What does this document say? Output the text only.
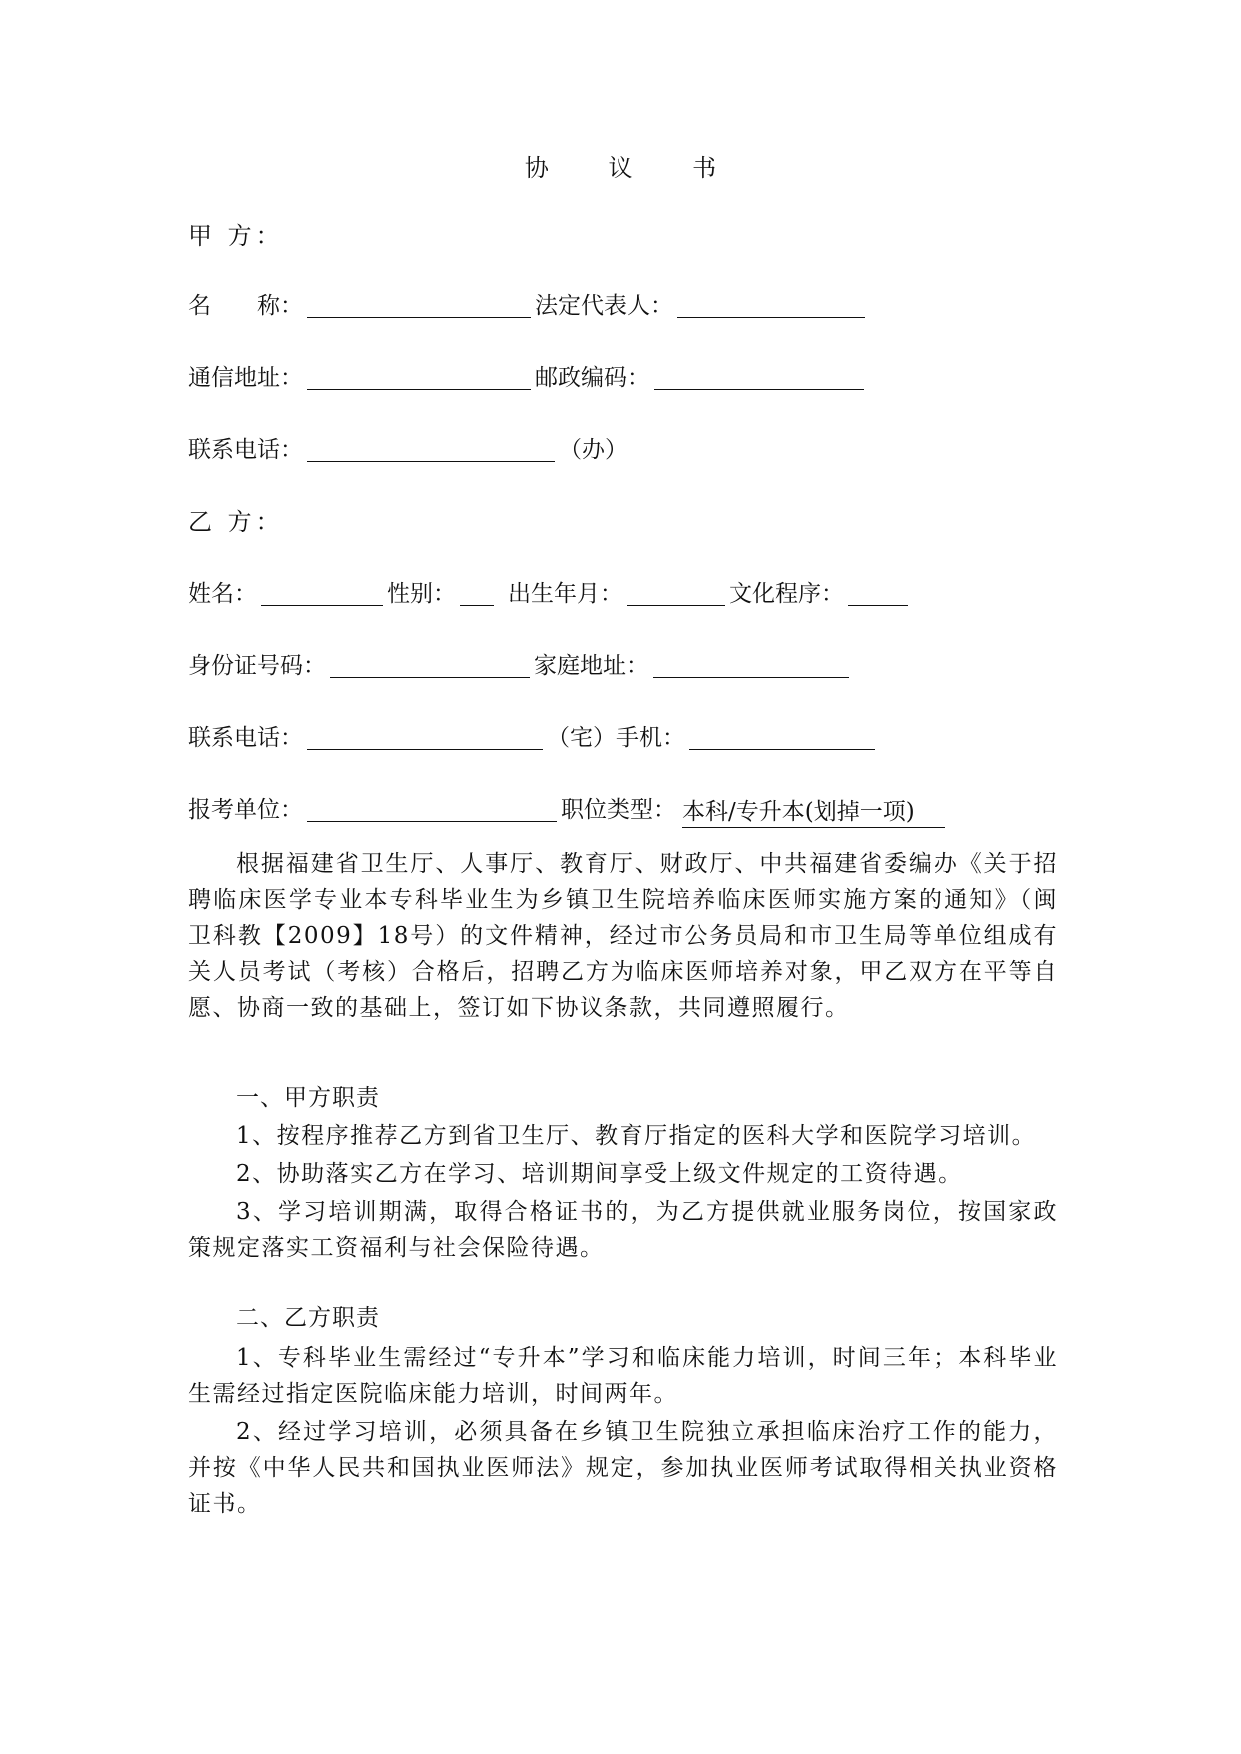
协 议 书
甲 方：
名　　称：	法定代表人：
通信地址：	邮政编码：
联系电话：	（办）
乙 方：
姓名：	性别： 出生年月：	文化程序：
身份证号码：	家庭地址：
联系电话：	（宅） 手机：
报考单位：	职位类型： 本科/专升本(划掉一项)

根据福建省卫生厅、人事厅、教育厅、财政厅、中共福建省委编办《关于招聘临床医学专业本专科毕业生为乡镇卫生院培养临床医师实施方案的通知》（闽卫科教【2009】18号）的文件精神，经过市公务员局和市卫生局等单位组成有关人员考试（考核）合格后，招聘乙方为临床医师培养对象，甲乙双方在平等自愿、协商一致的基础上，签订如下协议条款，共同遵照履行。

一、甲方职责

1、按程序推荐乙方到省卫生厅、教育厅指定的医科大学和医院学习培训。

2、协助落实乙方在学习、培训期间享受上级文件规定的工资待遇。

3、学习培训期满，取得合格证书的，为乙方提供就业服务岗位，按国家政策规定落实工资福利与社会保险待遇。

二、乙方职责

1、专科毕业生需经过“专升本”学习和临床能力培训，时间三年；本科毕业生需经过指定医院临床能力培训，时间两年。

2、经过学习培训，必须具备在乡镇卫生院独立承担临床治疗工作的能力，并按《中华人民共和国执业医师法》规定，参加执业医师考试取得相关执业资格证书。
